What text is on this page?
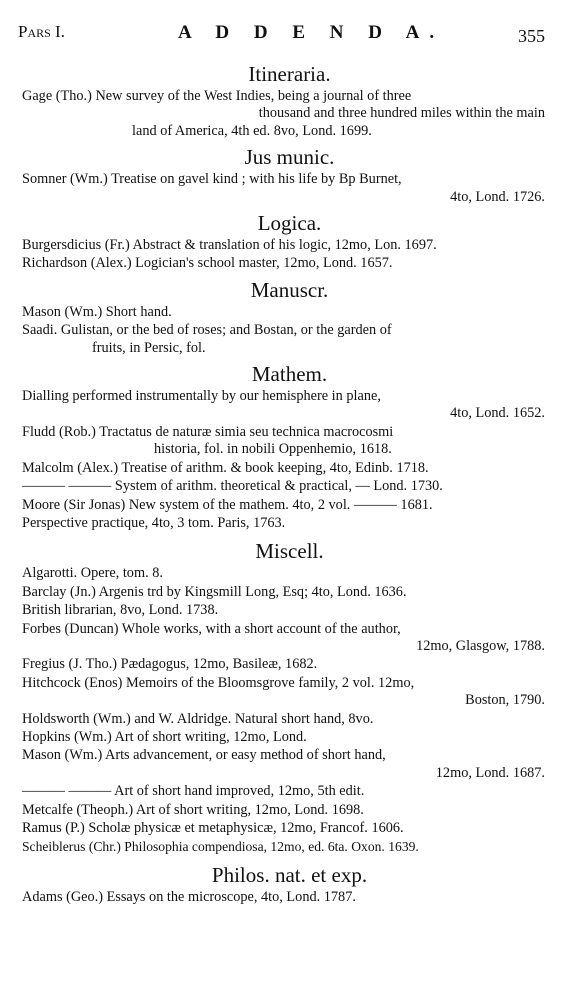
Pars I.	A D D E N D A.	355
Itineraria.
Gage (Tho.) New survey of the West Indies, being a journal of three
thousand and three hundred miles within the main
land of America, 4th ed. 8vo, Lond. 1699.
Jus munic.
Somner (Wm.) Treatise on gavel kind ; with his life by Bp Burnet,
4to, Lond. 1726.
Logica.
Burgersdicius (Fr.) Abstract & translation of his logic, 12mo, Lon. 1697.
Richardson (Alex.) Logician's school master, 12mo, Lond. 1657.
Manuscr.
Mason (Wm.) Short hand.
Saadi. Gulistan, or the bed of roses; and Bostan, or the garden of
fruits, in Persic, fol.
Mathem.
Dialling performed instrumentally by our hemisphere in plane,
4to, Lond. 1652.
Fludd (Rob.) Tractatus de naturæ simia seu technica macrocosmi
historia, fol. in nobili Oppenhemio, 1618.
Malcolm (Alex.) Treatise of arithm. & book keeping, 4to, Edinb. 1718.
——— ——— System of arithm. theoretical & practical, — Lond. 1730.
Moore (Sir Jonas) New system of the mathem. 4to, 2 vol. ——— 1681.
Perspective practique, 4to, 3 tom. Paris, 1763.
Miscell.
Algarotti. Opere, tom. 8.
Barclay (Jn.) Argenis trd by Kingsmill Long, Esq; 4to, Lond. 1636.
British librarian, 8vo, Lond. 1738.
Forbes (Duncan) Whole works, with a short account of the author,
12mo, Glasgow, 1788.
Fregius (J. Tho.) Pædagogus, 12mo, Basileæ, 1682.
Hitchcock (Enos) Memoirs of the Bloomsgrove family, 2 vol. 12mo,
Boston, 1790.
Holdsworth (Wm.) and W. Aldridge. Natural short hand, 8vo.
Hopkins (Wm.) Art of short writing, 12mo, Lond.
Mason (Wm.) Arts advancement, or easy method of short hand,
12mo, Lond. 1687.
——— ——— Art of short hand improved, 12mo, 5th edit.
Metcalfe (Theoph.) Art of short writing, 12mo, Lond. 1698.
Ramus (P.) Scholæ physicæ et metaphysicæ, 12mo, Francof. 1606.
Scheiblerus (Chr.) Philosophia compendiosa, 12mo, ed. 6ta. Oxon. 1639.
Philos. nat. et exp.
Adams (Geo.) Essays on the microscope, 4to, Lond. 1787.
